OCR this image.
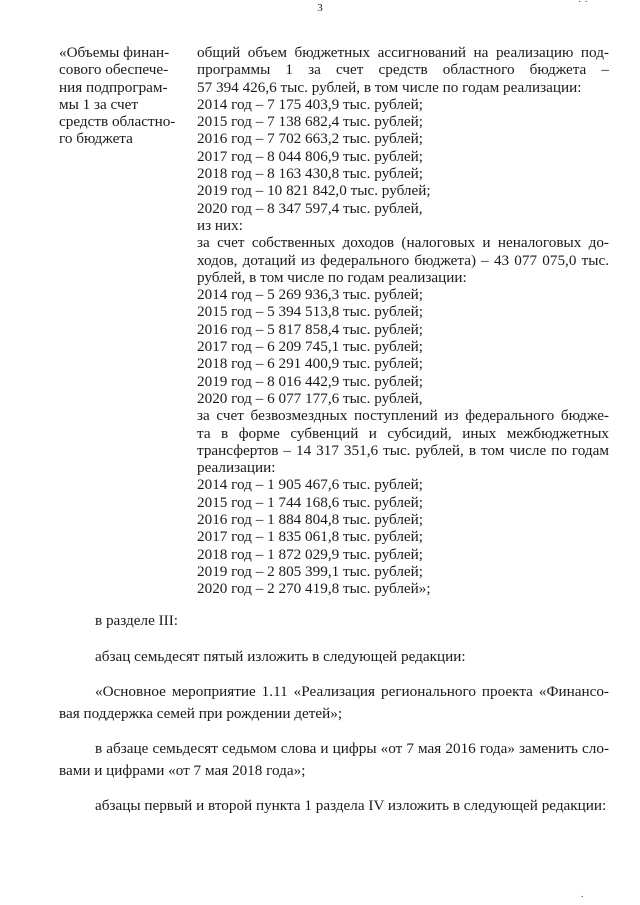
3	· ·
«Объемы финан-
сового обеспече-
ния подпрограм-
мы 1 за счет
средств областно-
го бюджета
общий объем бюджетных ассигнований на реализацию под-
программы 1 за счет средств областного бюджета –
57 394 426,6 тыс. рублей, в том числе по годам реализации:
2014 год – 7 175 403,9 тыс. рублей;
2015 год – 7 138 682,4 тыс. рублей;
2016 год – 7 702 663,2 тыс. рублей;
2017 год – 8 044 806,9 тыс. рублей;
2018 год – 8 163 430,8 тыс. рублей;
2019 год – 10 821 842,0 тыс. рублей;
2020 год – 8 347 597,4 тыс. рублей,
из них:
за счет собственных доходов (налоговых и неналоговых до-
ходов, дотаций из федерального бюджета) – 43 077 075,0 тыс.
рублей, в том числе по годам реализации:
2014 год – 5 269 936,3 тыс. рублей;
2015 год – 5 394 513,8 тыс. рублей;
2016 год – 5 817 858,4 тыс. рублей;
2017 год – 6 209 745,1 тыс. рублей;
2018 год – 6 291 400,9 тыс. рублей;
2019 год – 8 016 442,9 тыс. рублей;
2020 год – 6 077 177,6 тыс. рублей,
за счет безвозмездных поступлений из федерального бюдже-
та в форме субвенций и субсидий, иных межбюджетных
трансфертов – 14 317 351,6 тыс. рублей, в том числе по годам
реализации:
2014 год – 1 905 467,6 тыс. рублей;
2015 год – 1 744 168,6 тыс. рублей;
2016 год – 1 884 804,8 тыс. рублей;
2017 год – 1 835 061,8 тыс. рублей;
2018 год – 1 872 029,9 тыс. рублей;
2019 год – 2 805 399,1 тыс. рублей;
2020 год – 2 270 419,8 тыс. рублей»;
в разделе III:
абзац семьдесят пятый изложить в следующей редакции:
«Основное мероприятие 1.11 «Реализация регионального проекта «Финансо-
вая поддержка семей при рождении детей»;
в абзаце семьдесят седьмом слова и цифры «от 7 мая 2016 года» заменить сло-
вами и цифрами «от 7 мая 2018 года»;
абзацы первый и второй пункта 1 раздела IV изложить в следующей редакции:
·
